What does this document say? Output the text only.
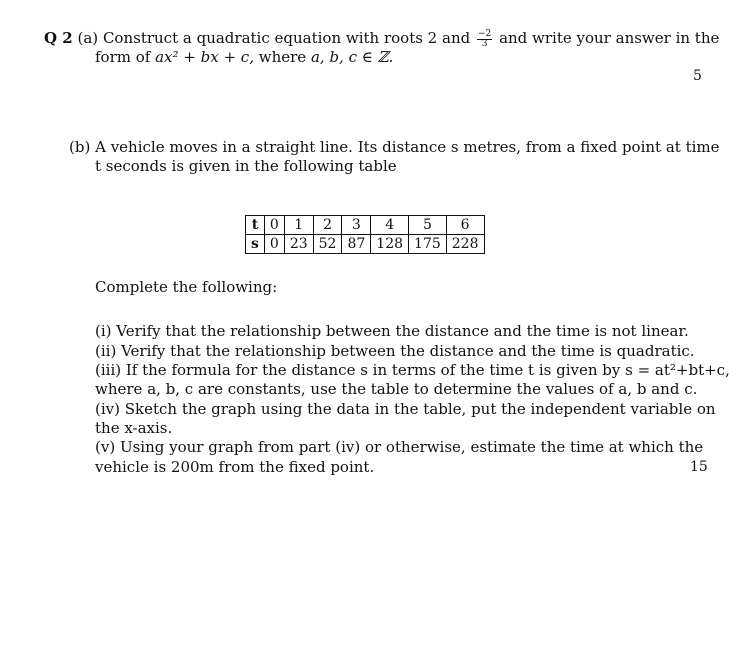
Q 2 (a) Construct a quadratic equation with roots 2 and $\frac{-2}{3}$ and write your answer in the
form of ax² + bx + c, where a, b, c ∈ ℤ.
5
(b) A vehicle moves in a straight line. Its distance s metres, from a fixed point at time
t seconds is given in the following table
t	0	1	2	3	4	5	6
s	0	23	52	87	128	175	228
Complete the following:
(i) Verify that the relationship between the distance and the time is not linear.
(ii) Verify that the relationship between the distance and the time is quadratic.
(iii) If the formula for the distance s in terms of the time t is given by s = at²+bt+c,
where a, b, c are constants, use the table to determine the values of a, b and c.
(iv) Sketch the graph using the data in the table, put the independent variable on
the x-axis.
(v) Using your graph from part (iv) or otherwise, estimate the time at which the
vehicle is 200m from the fixed point.	15
